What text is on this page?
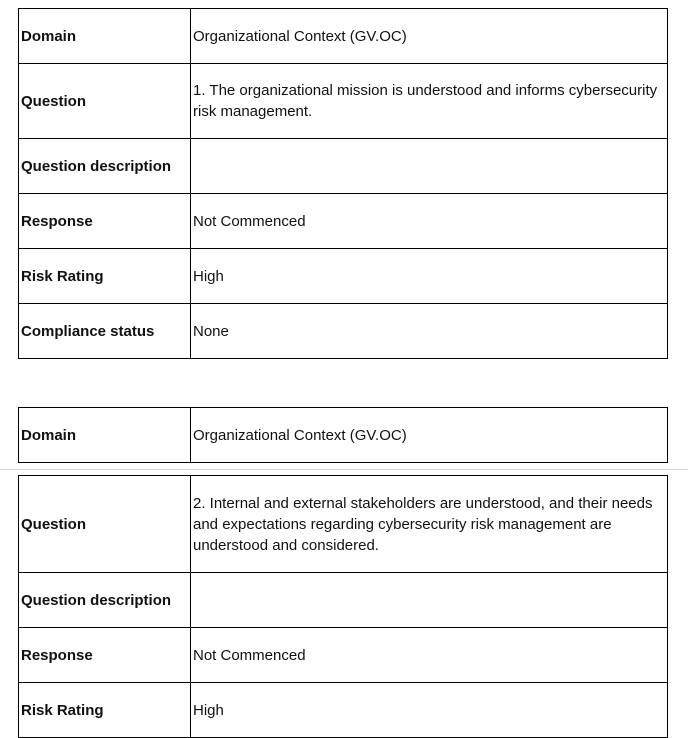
Domain	Organizational Context (GV.OC)
Question	1. The organizational mission is understood and informs cybersecurity risk management.
Question description	
Response	Not Commenced
Risk Rating	High
Compliance status	None
Domain	Organizational Context (GV.OC)
Question	2. Internal and external stakeholders are understood, and their needs and expectations regarding cybersecurity risk management are understood and considered.
Question description	
Response	Not Commenced
Risk Rating	High
